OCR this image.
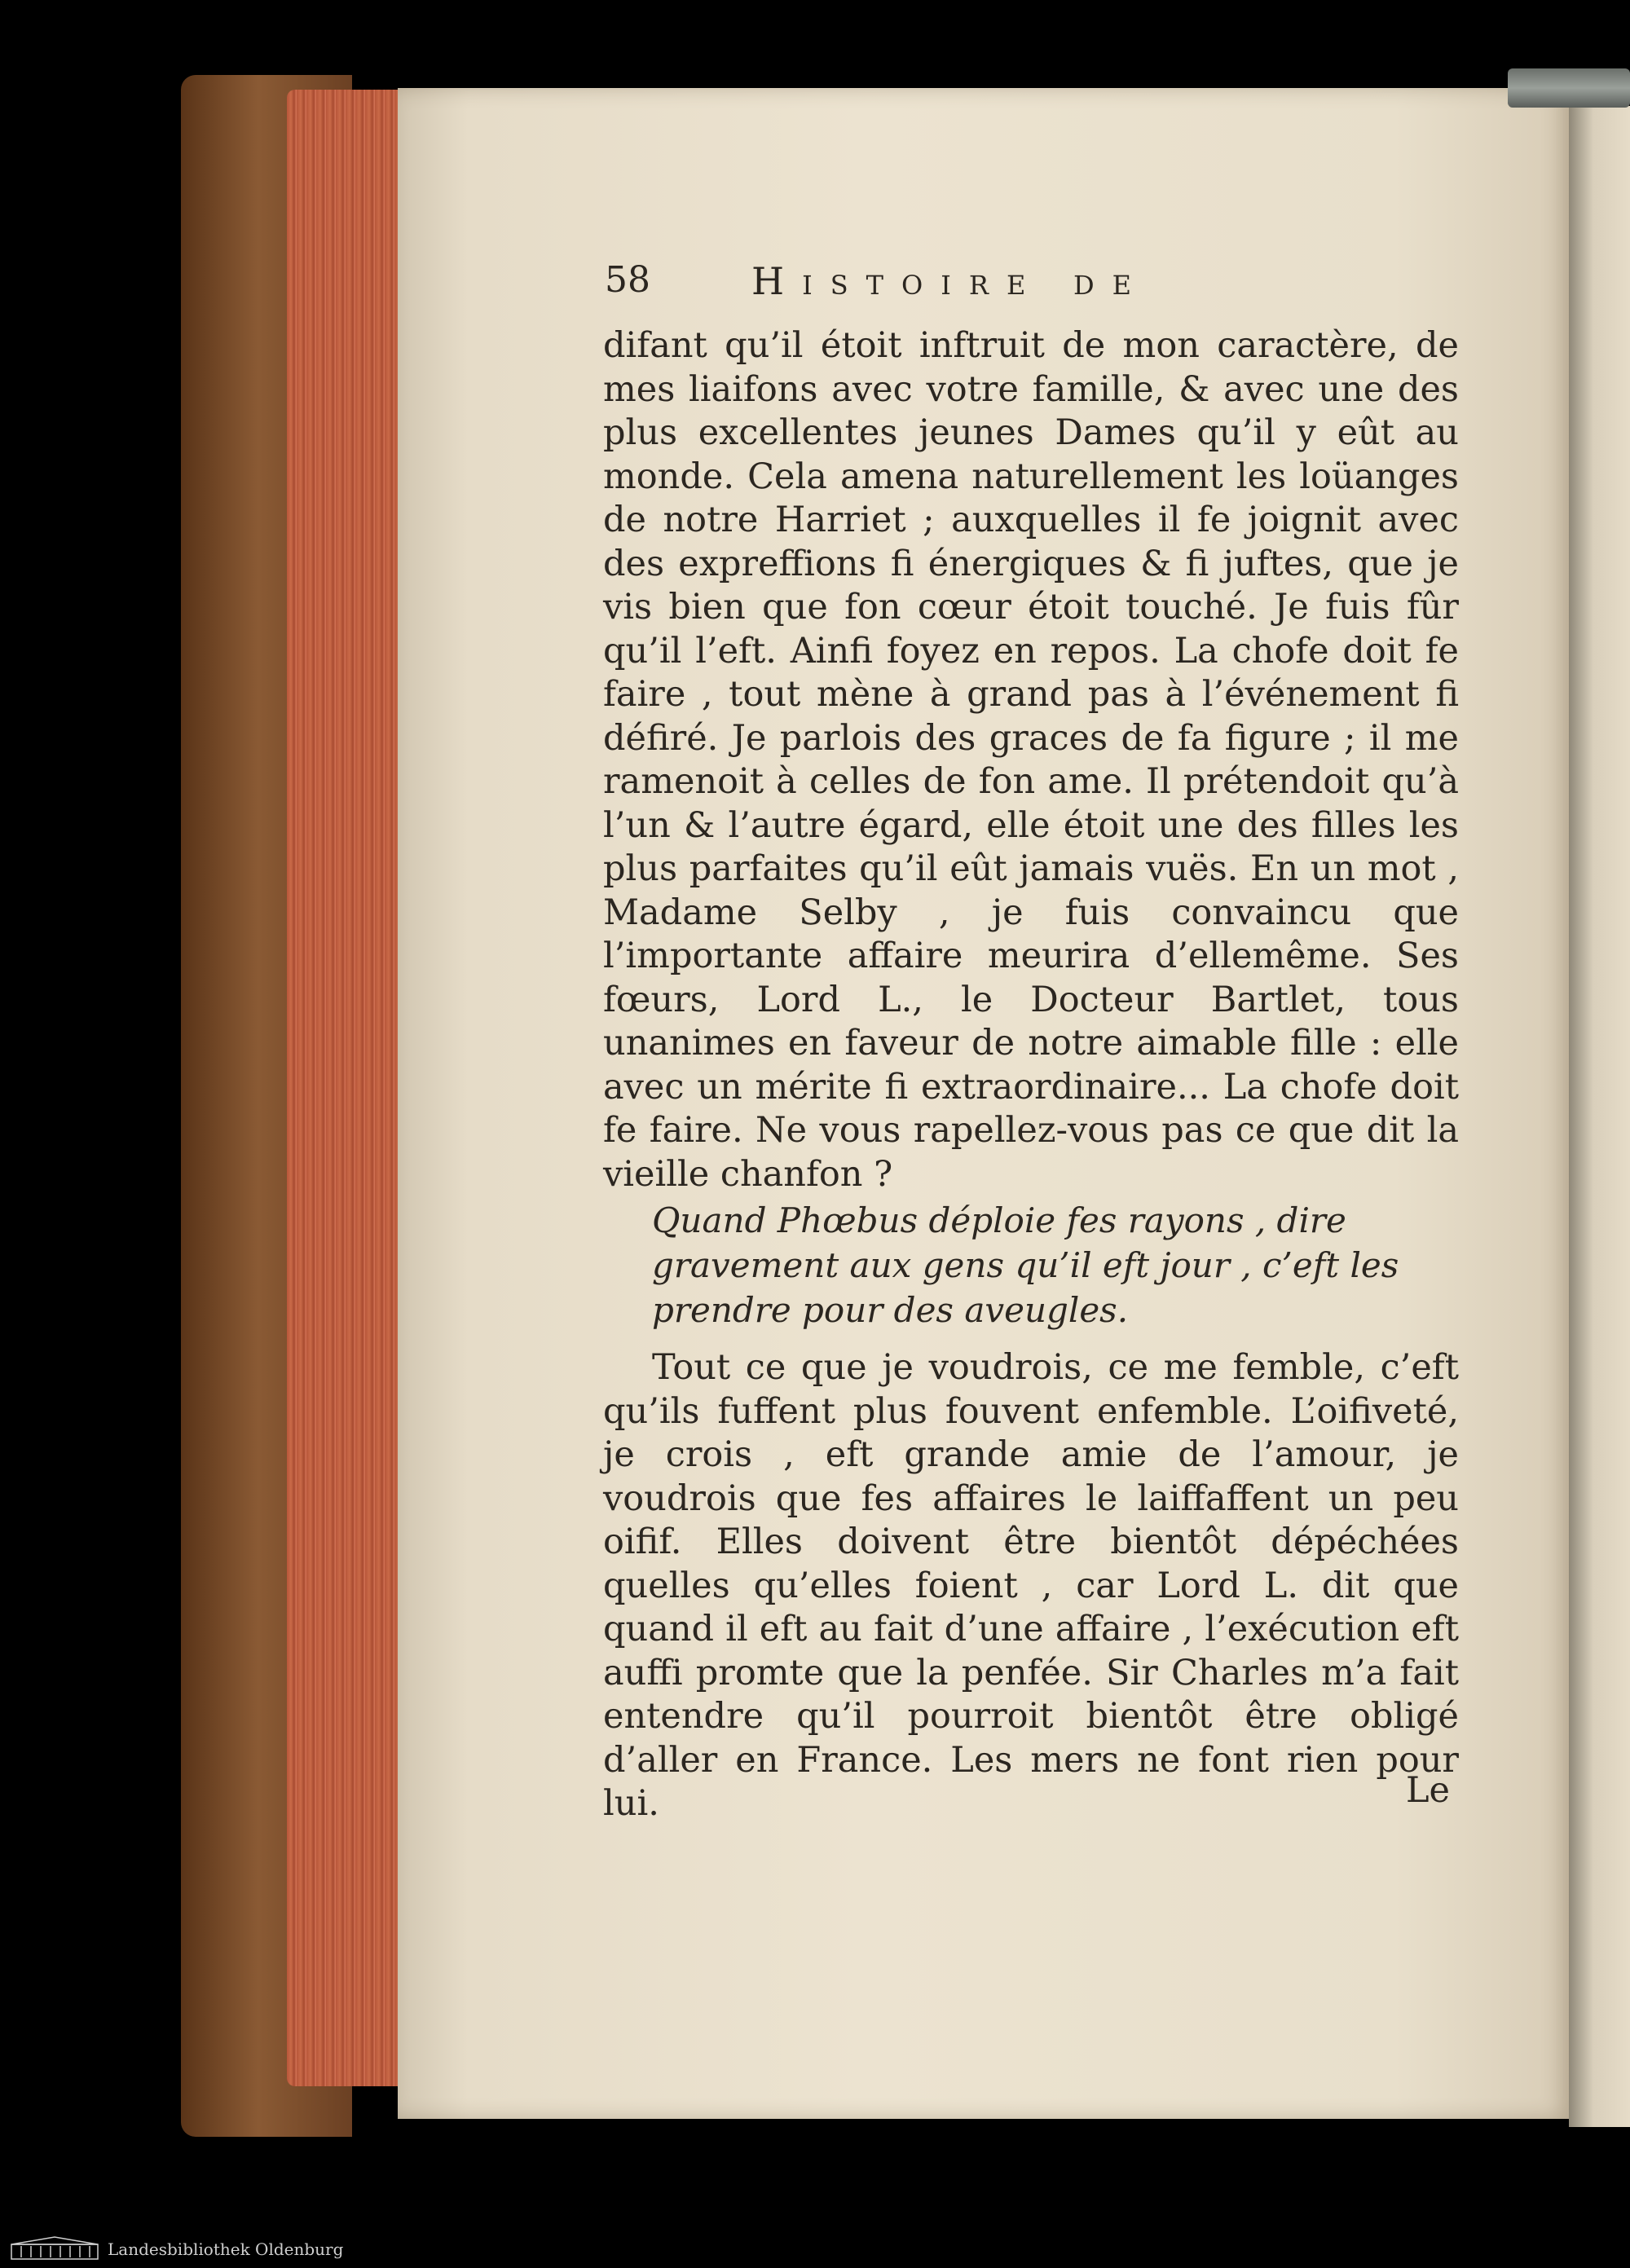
58	Histoire de
difant qu’il étoit inftruit de mon caractère, de mes liaifons avec votre famille, & avec une des plus excellentes jeunes Dames qu’il y eût au monde. Cela amena naturellement les loüanges de notre Harriet ; auxquelles il fe joignit avec des expreffions fi énergiques & fi juftes, que je vis bien que fon cœur étoit touché. Je fuis fûr qu’il l’eft. Ainfi foyez en repos. La chofe doit fe faire , tout mène à grand pas à l’événement fi défiré. Je parlois des graces de fa figure ; il me ramenoit à celles de fon ame. Il prétendoit qu’à l’un & l’autre égard, elle étoit une des filles les plus parfaites qu’il eût jamais vuës. En un mot , Madame Selby , je fuis convaincu que l’importante affaire meurira d’ellemême. Ses fœurs, Lord L., le Docteur Bartlet, tous unanimes en faveur de notre aimable fille : elle avec un mérite fi extraordinaire... La chofe doit fe faire. Ne vous rapellez-vous pas ce que dit la vieille chanfon ?
Quand Phœbus déploie fes rayons , dire gravement aux gens qu’il eft jour , c’eft les prendre pour des aveugles.
Tout ce que je voudrois, ce me femble, c’eft qu’ils fuffent plus fouvent enfemble. L’oifiveté, je crois , eft grande amie de l’amour, je voudrois que fes affaires le laiffaffent un peu oifif. Elles doivent être bientôt dépéchées quelles qu’elles foient , car Lord L. dit que quand il eft au fait d’une affaire , l’exécution eft auffi promte que la penfée. Sir Charles m’a fait entendre qu’il pourroit bientôt être obligé d’aller en France. Les mers ne font rien pour lui.	Le
Landesbibliothek Oldenburg
